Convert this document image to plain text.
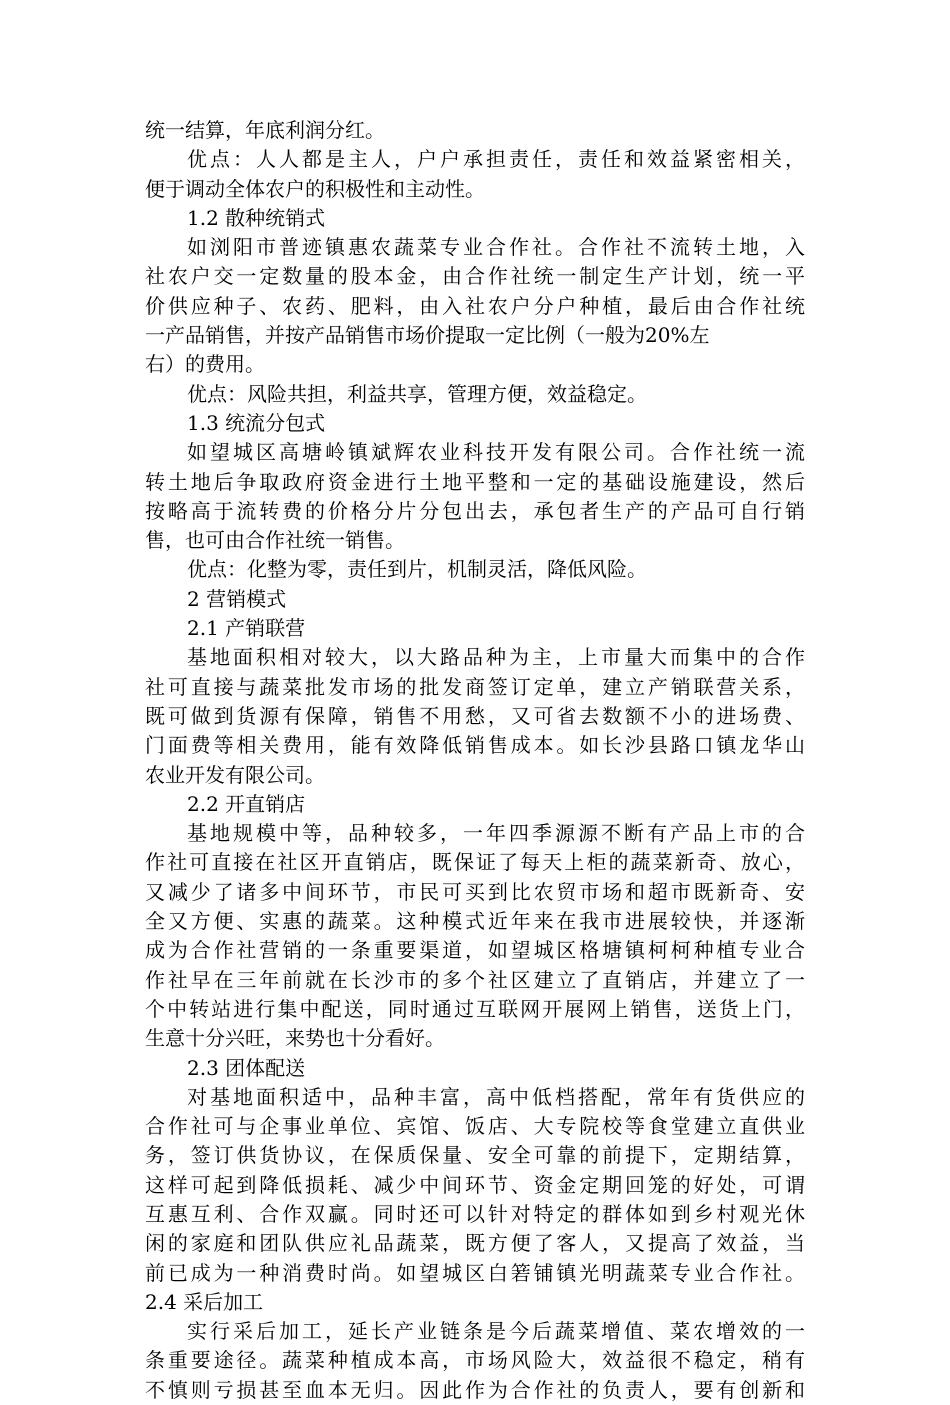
统一结算，年底利润分红。
优点：人人都是主人，户户承担责任，责任和效益紧密相关，
便于调动全体农户的积极性和主动性。
1.2 散种统销式
如浏阳市普迹镇惠农蔬菜专业合作社。合作社不流转土地，入
社农户交一定数量的股本金，由合作社统一制定生产计划，统一平
价供应种子、农药、肥料，由入社农户分户种植，最后由合作社统
一产品销售，并按产品销售市场价提取一定比例（一般为20%左
右）的费用。
优点：风险共担，利益共享，管理方便，效益稳定。
1.3 统流分包式
如望城区高塘岭镇斌辉农业科技开发有限公司。合作社统一流
转土地后争取政府资金进行土地平整和一定的基础设施建设，然后
按略高于流转费的价格分片分包出去，承包者生产的产品可自行销
售，也可由合作社统一销售。
优点：化整为零，责任到片，机制灵活，降低风险。
2 营销模式
2.1 产销联营
基地面积相对较大，以大路品种为主，上市量大而集中的合作
社可直接与蔬菜批发市场的批发商签订定单，建立产销联营关系，
既可做到货源有保障，销售不用愁，又可省去数额不小的进场费、
门面费等相关费用，能有效降低销售成本。如长沙县路口镇龙华山
农业开发有限公司。
2.2 开直销店
基地规模中等，品种较多，一年四季源源不断有产品上市的合
作社可直接在社区开直销店，既保证了每天上柜的蔬菜新奇、放心，
又减少了诸多中间环节，市民可买到比农贸市场和超市既新奇、安
全又方便、实惠的蔬菜。这种模式近年来在我市进展较快，并逐渐
成为合作社营销的一条重要渠道，如望城区格塘镇柯柯种植专业合
作社早在三年前就在长沙市的多个社区建立了直销店，并建立了一
个中转站进行集中配送，同时通过互联网开展网上销售，送货上门，
生意十分兴旺，来势也十分看好。
2.3 团体配送
对基地面积适中，品种丰富，高中低档搭配，常年有货供应的
合作社可与企事业单位、宾馆、饭店、大专院校等食堂建立直供业
务，签订供货协议，在保质保量、安全可靠的前提下，定期结算，
这样可起到降低损耗、减少中间环节、资金定期回笼的好处，可谓
互惠互利、合作双赢。同时还可以针对特定的群体如到乡村观光休
闲的家庭和团队供应礼品蔬菜，既方便了客人，又提高了效益，当
前已成为一种消费时尚。如望城区白箬铺镇光明蔬菜专业合作社。
2.4 采后加工
实行采后加工，延长产业链条是今后蔬菜增值、菜农增效的一
条重要途径。蔬菜种植成本高，市场风险大，效益很不稳定，稍有
不慎则亏损甚至血本无归。因此作为合作社的负责人，要有创新和
